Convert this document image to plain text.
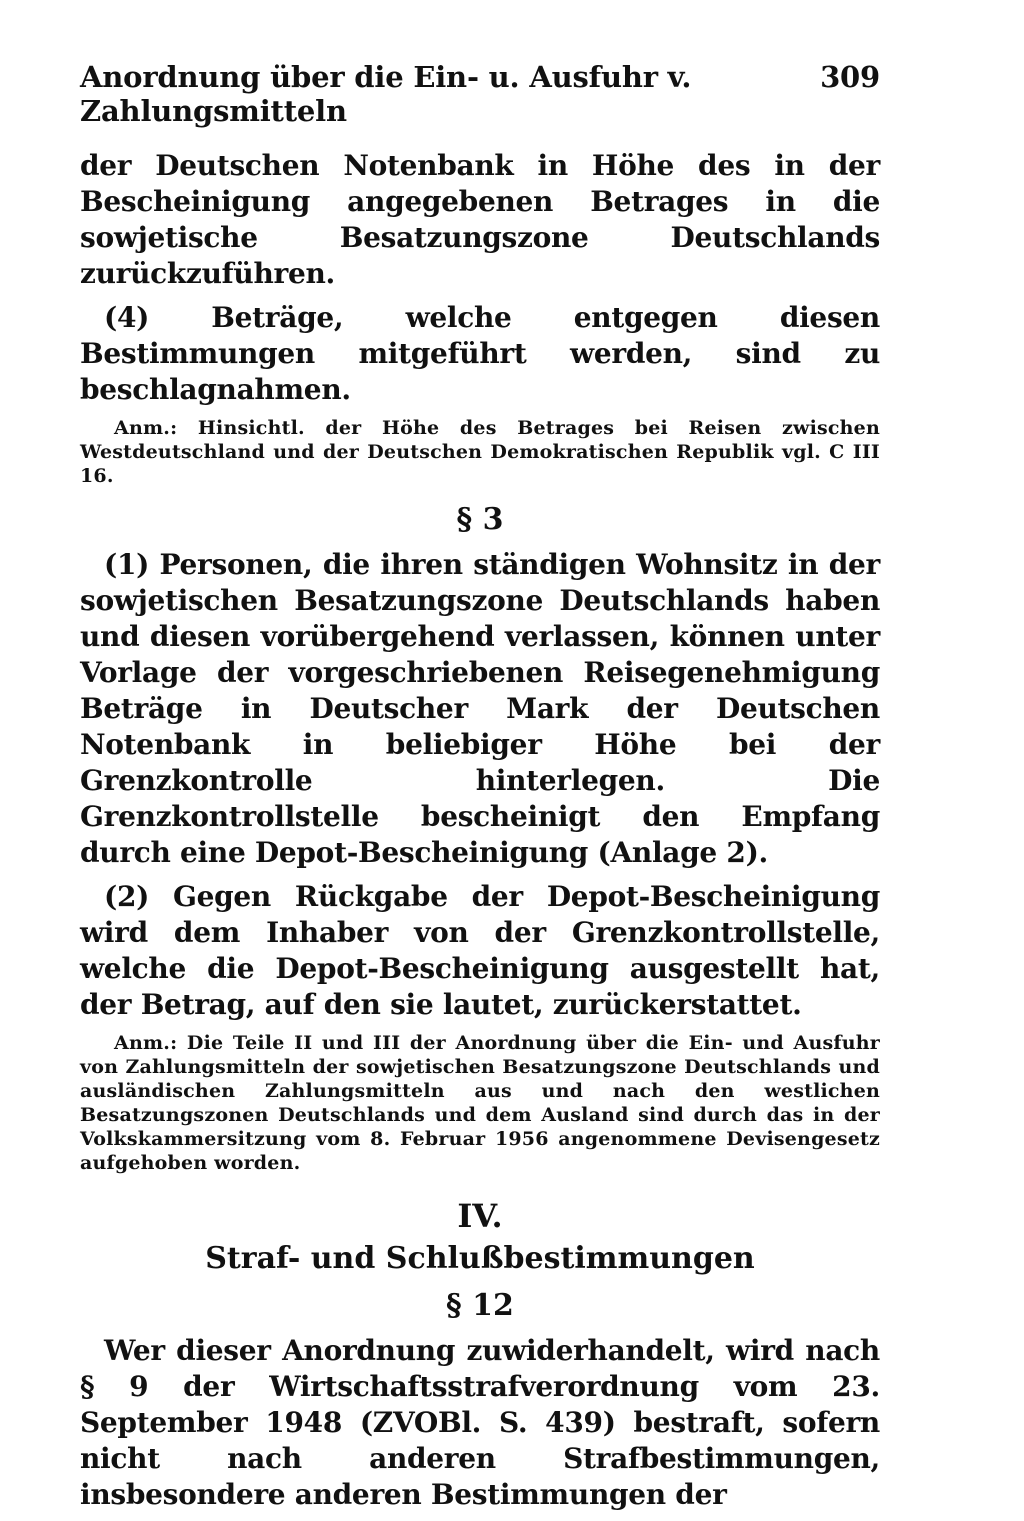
Anordnung über die Ein- u. Ausfuhr v. Zahlungsmitteln
309

der Deutschen Notenbank in Höhe des in der Bescheinigung angegebenen Betrages in die sowjetische Besatzungszone Deutschlands zurückzuführen.

(4) Beträge, welche entgegen diesen Bestimmungen mitgeführt werden, sind zu beschlagnahmen.

Anm.: Hinsichtl. der Höhe des Betrages bei Reisen zwischen Westdeutschland und der Deutschen Demokratischen Republik vgl. C III 16.

§ 3

(1) Personen, die ihren ständigen Wohnsitz in der sowjetischen Besatzungszone Deutschlands haben und diesen vorübergehend verlassen, können unter Vorlage der vorgeschriebenen Reisegenehmigung Beträge in Deutscher Mark der Deutschen Notenbank in beliebiger Höhe bei der Grenzkontrolle hinterlegen. Die Grenzkontrollstelle bescheinigt den Empfang durch eine Depot-Bescheinigung (Anlage 2).

(2) Gegen Rückgabe der Depot-Bescheinigung wird dem Inhaber von der Grenzkontrollstelle, welche die Depot-Bescheinigung ausgestellt hat, der Betrag, auf den sie lautet, zurückerstattet.

Anm.: Die Teile II und III der Anordnung über die Ein- und Ausfuhr von Zahlungsmitteln der sowjetischen Besatzungszone Deutschlands und ausländischen Zahlungsmitteln aus und nach den westlichen Besatzungszonen Deutschlands und dem Ausland sind durch das in der Volkskammersitzung vom 8. Februar 1956 angenommene Devisengesetz aufgehoben worden.

IV.
Straf- und Schlußbestimmungen
§ 12

Wer dieser Anordnung zuwiderhandelt, wird nach § 9 der Wirtschaftsstrafverordnung vom 23. September 1948 (ZVOBl. S. 439) bestraft, sofern nicht nach anderen Strafbestimmungen, insbesondere anderen Bestimmungen der
